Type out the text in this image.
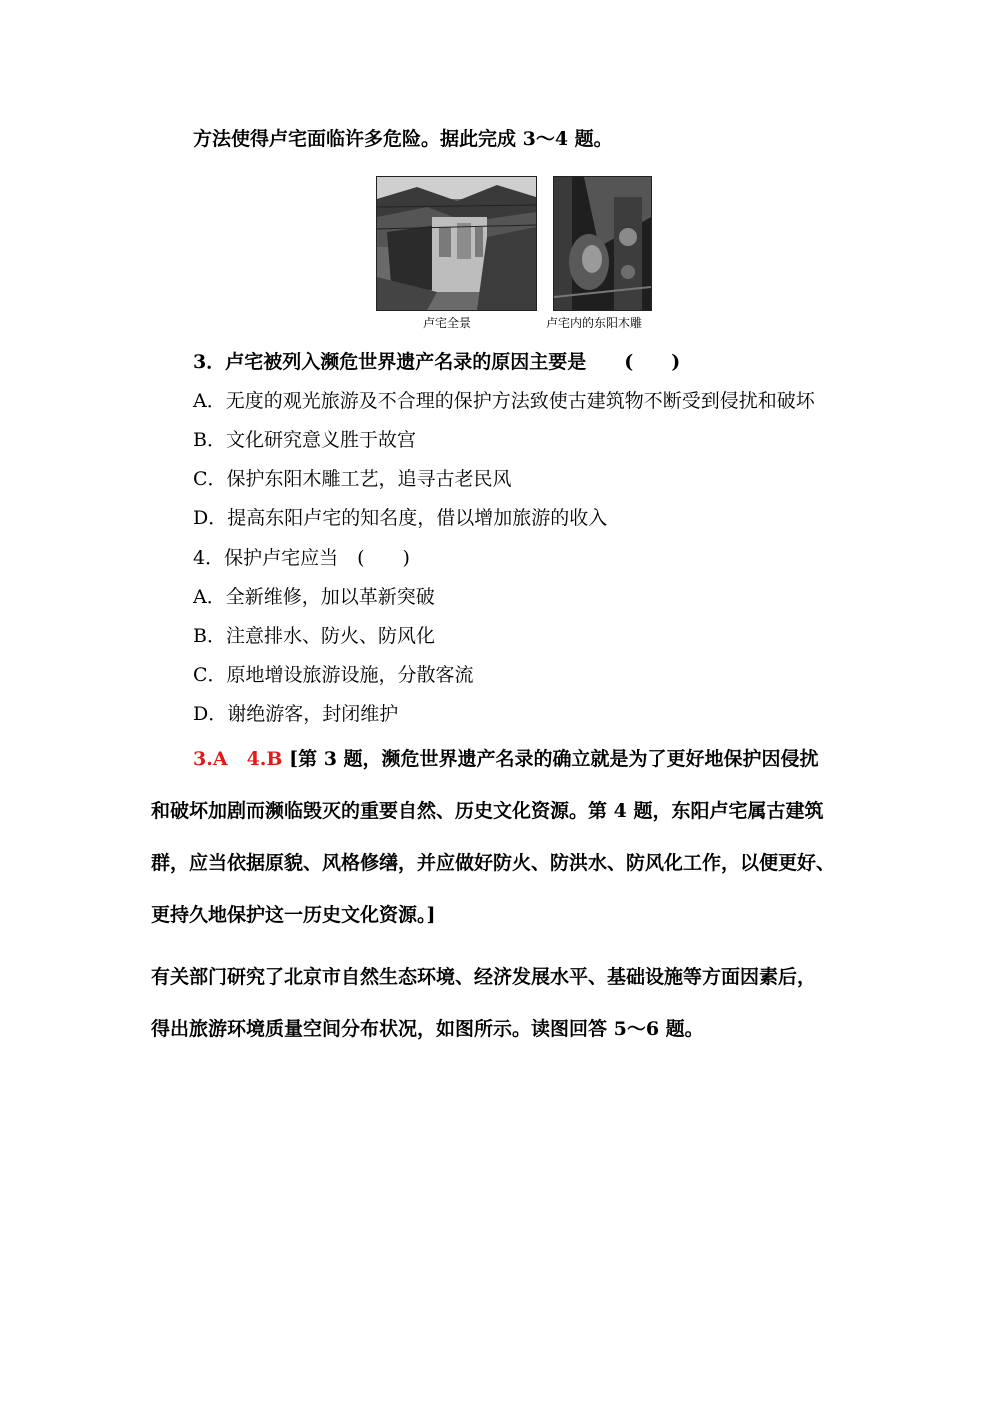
方法使得卢宅面临许多危险。据此完成 3～4 题。
卢宅全景	卢宅内的东阳木雕
3．卢宅被列入濒危世界遗产名录的原因主要是　　(　　)
A．无度的观光旅游及不合理的保护方法致使古建筑物不断受到侵扰和破坏
B．文化研究意义胜于故宫
C．保护东阳木雕工艺，追寻古老民风
D．提高东阳卢宅的知名度，借以增加旅游的收入
4．保护卢宅应当　(　　)
A．全新维修，加以革新突破
B．注意排水、防火、防风化
C．原地增设旅游设施，分散客流
D．谢绝游客，封闭维护
3.A　4.B [第 3 题，濒危世界遗产名录的确立就是为了更好地保护因侵扰
和破坏加剧而濒临毁灭的重要自然、历史文化资源。第 4 题，东阳卢宅属古建筑
群，应当依据原貌、风格修缮，并应做好防火、防洪水、防风化工作，以便更好、
更持久地保护这一历史文化资源。]
有关部门研究了北京市自然生态环境、经济发展水平、基础设施等方面因素后，
得出旅游环境质量空间分布状况，如图所示。读图回答 5～6 题。
